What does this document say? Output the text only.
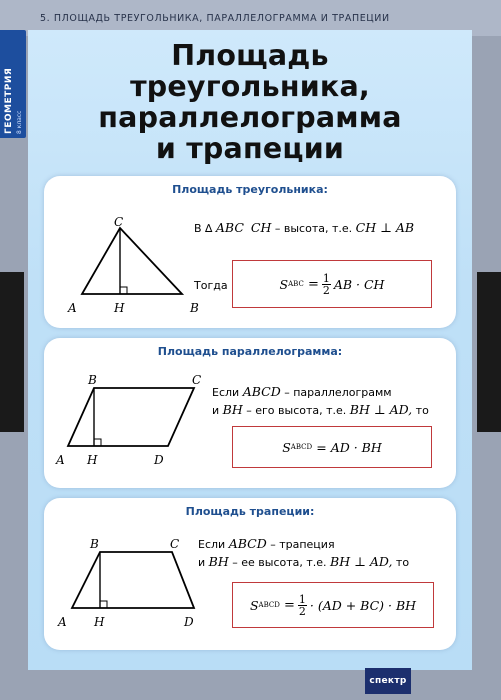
5. ПЛОЩАДЬ ТРЕУГОЛЬНИКА, ПАРАЛЛЕЛОГРАММА И ТРАПЕЦИИ
ГЕОМЕТРИЯ 8 класс
Площадь
треугольника,
параллелограмма
и трапеции
Площадь треугольника:
A	H	B
C	В ∆ ABC CH – высота, т.е. CH ⊥ AB
Тогда	S ABC
= $\frac{1}{2}$ AB · CH
Площадь параллелограмма:
A H	D
B	C
Если ABCD – параллелограмм
и BH – его высота, т.е. BH ⊥ AD, то
S ABCD
= AD · BH
Площадь трапеции:
A H	D
B	C Если ABCD – трапеция
и BH – ее высота, т.е. BH ⊥ AD, то
S ABCD
= $\frac{1}{2} \cdot (AD + BC)$ · BH
спектр
